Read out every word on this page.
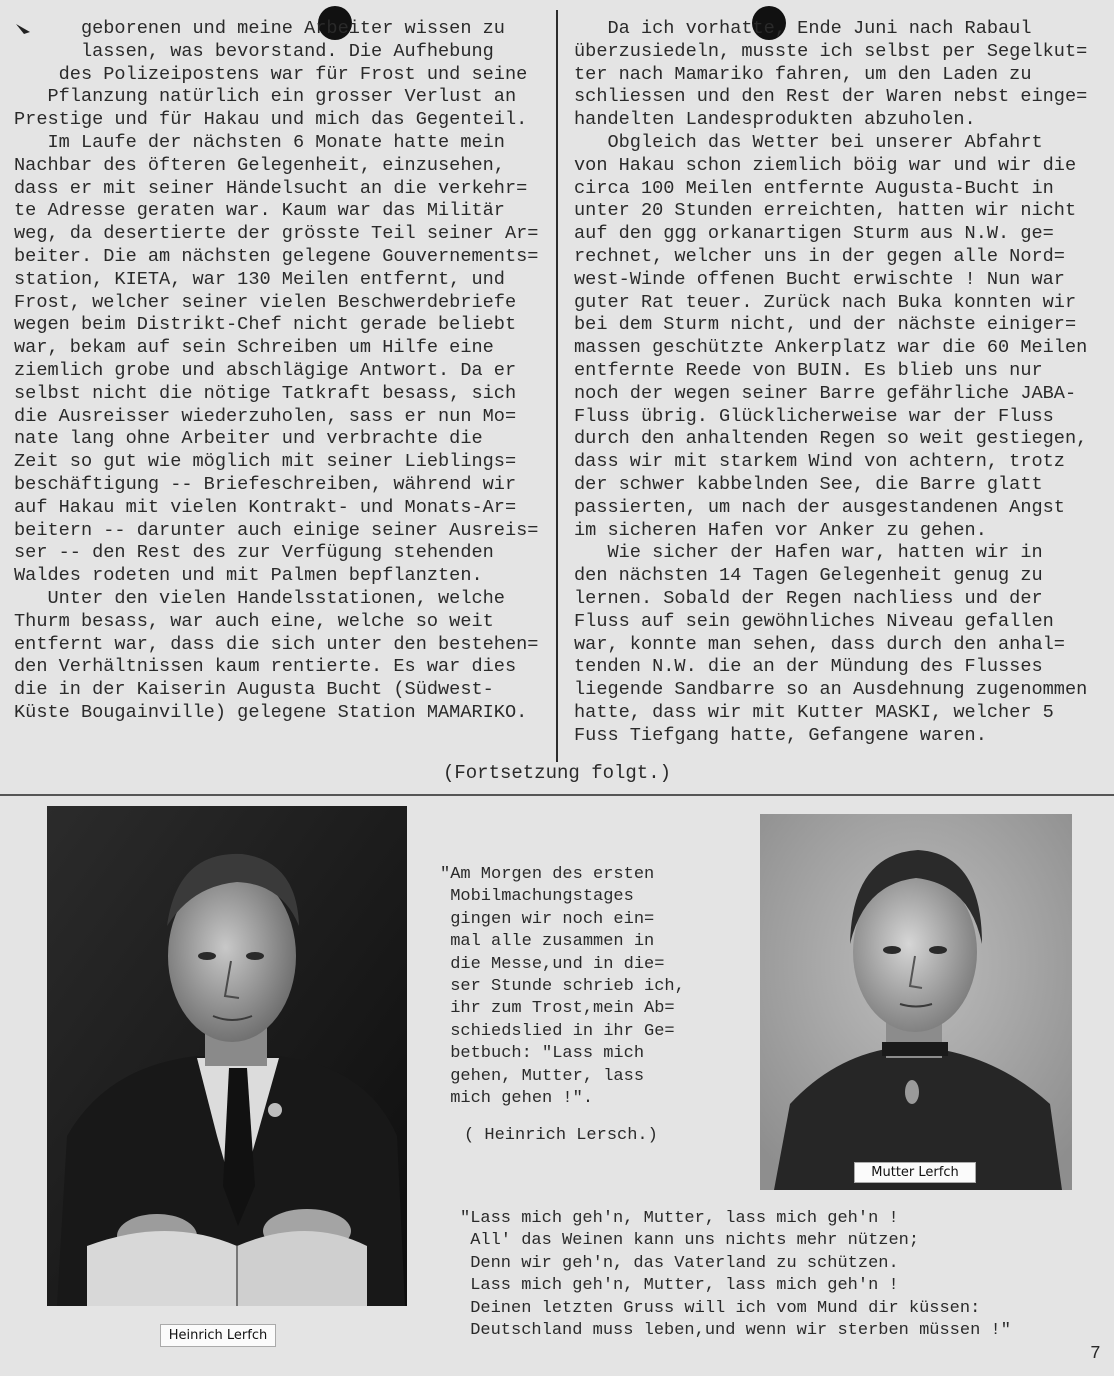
geborenen und meine Arbeiter wissen zu
lassen, was bevorstand. Die Aufhebung
des Polizeipostens war für Frost und seine
Pflanzung natürlich ein grosser Verlust an
Prestige und für Hakau und mich das Gegenteil.
Im Laufe der nächsten 6 Monate hatte mein
Nachbar des öfteren Gelegenheit, einzusehen,
dass er mit seiner Händelsucht an die verkehr=
te Adresse geraten war. Kaum war das Militär
weg, da desertierte der grösste Teil seiner Ar=
beiter. Die am nächsten gelegene Gouvernements=
station, KIETA, war 130 Meilen entfernt, und
Frost, welcher seiner vielen Beschwerdebriefe
wegen beim Distrikt-Chef nicht gerade beliebt
war, bekam auf sein Schreiben um Hilfe eine
ziemlich grobe und abschlägige Antwort. Da er
selbst nicht die nötige Tatkraft besass, sich
die Ausreisser wiederzuholen, sass er nun Mo=
nate lang ohne Arbeiter und verbrachte die
Zeit so gut wie möglich mit seiner Lieblings=
beschäftigung -- Briefeschreiben, während wir
auf Hakau mit vielen Kontrakt- und Monats-Ar=
beitern -- darunter auch einige seiner Ausreis=
ser -- den Rest des zur Verfügung stehenden
Waldes rodeten und mit Palmen bepflanzten.
Unter den vielen Handelsstationen, welche
Thurm besass, war auch eine, welche so weit
entfernt war, dass die sich unter den bestehen=
den Verhältnissen kaum rentierte. Es war dies
die in der Kaiserin Augusta Bucht (Südwest-
Küste Bougainville) gelegene Station MAMARIKO.
Da ich vorhatte, Ende Juni nach Rabaul
überzusiedeln, musste ich selbst per Segelkut=
ter nach Mamariko fahren, um den Laden zu
schliessen und den Rest der Waren nebst einge=
handelten Landesprodukten abzuholen.
Obgleich das Wetter bei unserer Abfahrt
von Hakau schon ziemlich böig war und wir die
circa 100 Meilen entfernte Augusta-Bucht in
unter 20 Stunden erreichten, hatten wir nicht
auf den ggg orkanartigen Sturm aus N.W. ge=
rechnet, welcher uns in der gegen alle Nord=
west-Winde offenen Bucht erwischte ! Nun war
guter Rat teuer. Zurück nach Buka konnten wir
bei dem Sturm nicht, und der nächste einiger=
massen geschützte Ankerplatz war die 60 Meilen
entfernte Reede von BUIN. Es blieb uns nur
noch der wegen seiner Barre gefährliche JABA-
Fluss übrig. Glücklicherweise war der Fluss
durch den anhaltenden Regen so weit gestiegen,
dass wir mit starkem Wind von achtern, trotz
der schwer kabbelnden See, die Barre glatt
passierten, um nach der ausgestandenen Angst
im sicheren Hafen vor Anker zu gehen.
Wie sicher der Hafen war, hatten wir in
den nächsten 14 Tagen Gelegenheit genug zu
lernen. Sobald der Regen nachliess und der
Fluss auf sein gewöhnliches Niveau gefallen
war, konnte man sehen, dass durch den anhal=
tenden N.W. die an der Mündung des Flusses
liegende Sandbarre so an Ausdehnung zugenommen
hatte, dass wir mit Kutter MASKI, welcher 5
Fuss Tiefgang hatte, Gefangene waren.
(Fortsetzung folgt.)
Heinrich Lerfch
"Am Morgen des ersten
Mobilmachungstages
gingen wir noch ein=
mal alle zusammen in
die Messe,und in die=
ser Stunde schrieb ich,
ihr zum Trost,mein Ab=
schiedslied in ihr Ge=
betbuch: "Lass mich
gehen, Mutter, lass
mich gehen !".
( Heinrich Lersch.)
Mutter Lerfch
"Lass mich geh'n, Mutter, lass mich geh'n !
All' das Weinen kann uns nichts mehr nützen;
Denn wir geh'n, das Vaterland zu schützen.
Lass mich geh'n, Mutter, lass mich geh'n !
Deinen letzten Gruss will ich vom Mund dir küssen:
Deutschland muss leben,und wenn wir sterben müssen !"
7
